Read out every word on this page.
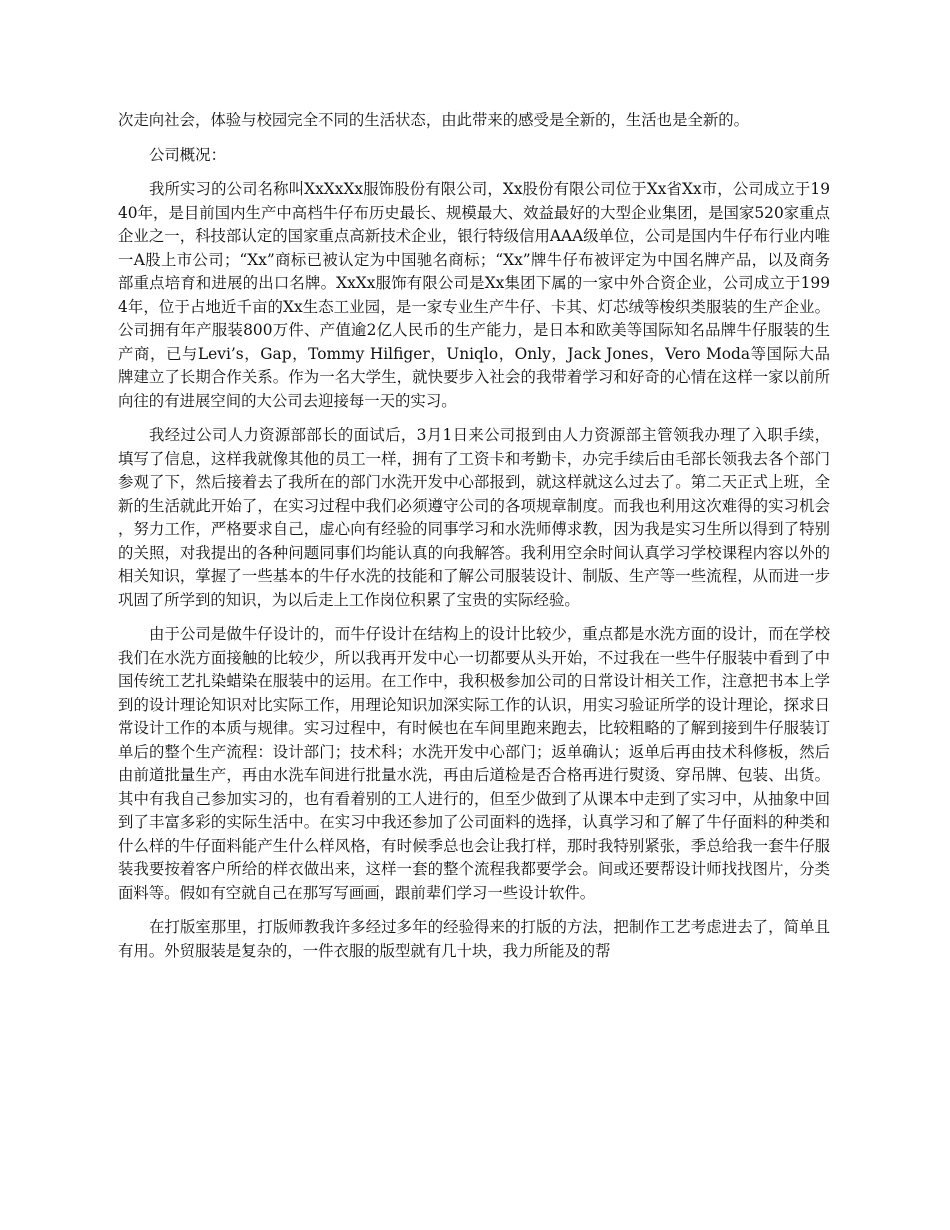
次走向社会，体验与校园完全不同的生活状态，由此带来的感受是全新的，生活也是全新的。

公司概况：

我所实习的公司名称叫XxXxXx服饰股份有限公司，Xx股份有限公司位于Xx省Xx市，公司成立于1940年，是目前国内生产中高档牛仔布历史最长、规模最大、效益最好的大型企业集团，是国家520家重点企业之一，科技部认定的国家重点高新技术企业，银行特级信用AAA级单位，公司是国内牛仔布行业内唯一A股上市公司；“Xx”商标已被认定为中国驰名商标；“Xx”牌牛仔布被评定为中国名牌产品，以及商务部重点培育和进展的出口名牌。XxXx服饰有限公司是Xx集团下属的一家中外合资企业，公司成立于1994年，位于占地近千亩的Xx生态工业园，是一家专业生产牛仔、卡其、灯芯绒等梭织类服装的生产企业。公司拥有年产服装800万件、产值逾2亿人民币的生产能力，是日本和欧美等国际知名品牌牛仔服装的生产商，已与Levi’s，Gap，Tommy Hilfiger，Uniqlo，Only，Jack Jones，Vero Moda等国际大品牌建立了长期合作关系。作为一名大学生，就快要步入社会的我带着学习和好奇的心情在这样一家以前所向往的有进展空间的大公司去迎接每一天的实习。

我经过公司人力资源部部长的面试后，3月1日来公司报到由人力资源部主管领我办理了入职手续，填写了信息，这样我就像其他的员工一样，拥有了工资卡和考勤卡，办完手续后由毛部长领我去各个部门参观了下，然后接着去了我所在的部门水洗开发中心部报到，就这样就这么过去了。第二天正式上班，全新的生活就此开始了，在实习过程中我们必须遵守公司的各项规章制度。而我也利用这次难得的实习机会，努力工作，严格要求自己，虚心向有经验的同事学习和水洗师傅求教，因为我是实习生所以得到了特别的关照，对我提出的各种问题同事们均能认真的向我解答。我利用空余时间认真学习学校课程内容以外的相关知识，掌握了一些基本的牛仔水洗的技能和了解公司服装设计、制版、生产等一些流程，从而进一步巩固了所学到的知识，为以后走上工作岗位积累了宝贵的实际经验。

由于公司是做牛仔设计的，而牛仔设计在结构上的设计比较少，重点都是水洗方面的设计，而在学校我们在水洗方面接触的比较少，所以我再开发中心一切都要从头开始，不过我在一些牛仔服装中看到了中国传统工艺扎染蜡染在服装中的运用。在工作中，我积极参加公司的日常设计相关工作，注意把书本上学到的设计理论知识对比实际工作，用理论知识加深实际工作的认识，用实习验证所学的设计理论，探求日常设计工作的本质与规律。实习过程中，有时候也在车间里跑来跑去，比较粗略的了解到接到牛仔服装订单后的整个生产流程：设计部门；技术科；水洗开发中心部门；返单确认；返单后再由技术科修板，然后由前道批量生产，再由水洗车间进行批量水洗，再由后道检是否合格再进行熨烫、穿吊牌、包装、出货。其中有我自己参加实习的，也有看着别的工人进行的，但至少做到了从课本中走到了实习中，从抽象中回到了丰富多彩的实际生活中。在实习中我还参加了公司面料的选择，认真学习和了解了牛仔面料的种类和什么样的牛仔面料能产生什么样风格，有时候季总也会让我打样，那时我特别紧张，季总给我一套牛仔服装我要按着客户所给的样衣做出来，这样一套的整个流程我都要学会。间或还要帮设计师找找图片，分类面料等。假如有空就自己在那写写画画，跟前辈们学习一些设计软件。

在打版室那里，打版师教我许多经过多年的经验得来的打版的方法，把制作工艺考虑进去了，简单且有用。外贸服装是复杂的，一件衣服的版型就有几十块，我力所能及的帮
